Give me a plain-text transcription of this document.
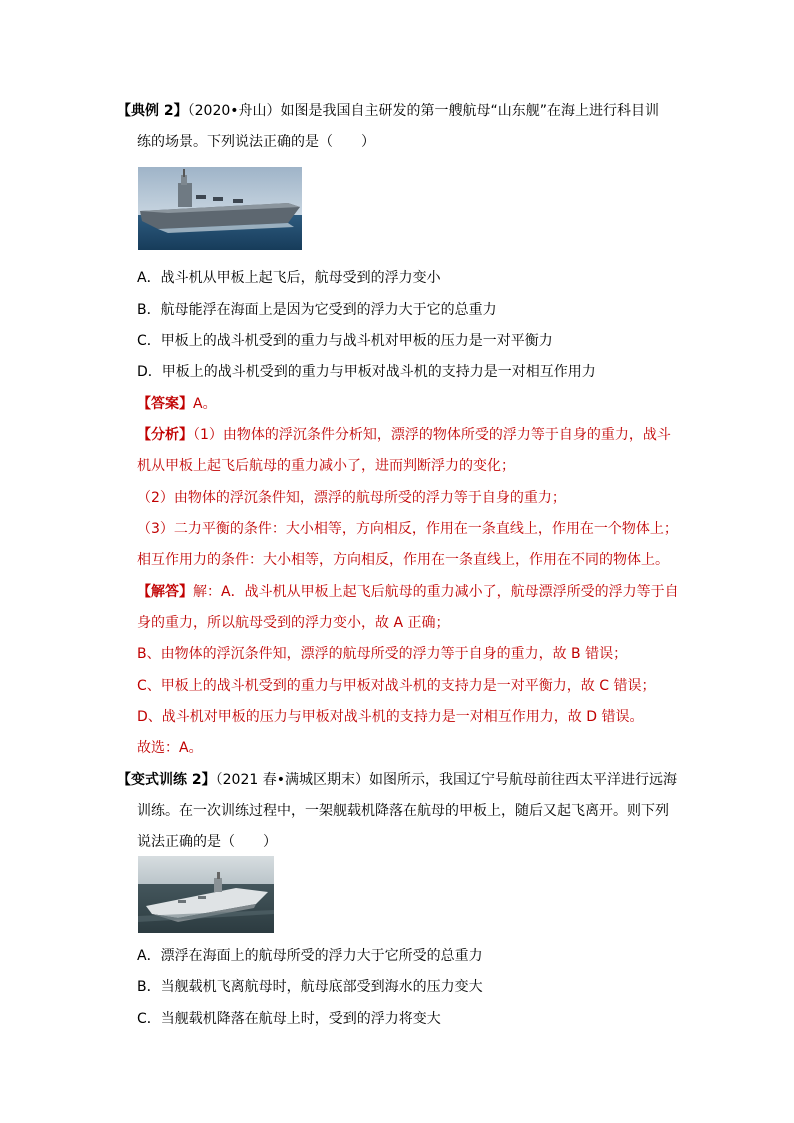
【典例 2】（2020•舟山）如图是我国自主研发的第一艘航母“山东舰”在海上进行科目训
练的场景。下列说法正确的是（　　）
A．战斗机从甲板上起飞后，航母受到的浮力变小
B．航母能浮在海面上是因为它受到的浮力大于它的总重力
C．甲板上的战斗机受到的重力与战斗机对甲板的压力是一对平衡力
D．甲板上的战斗机受到的重力与甲板对战斗机的支持力是一对相互作用力
【答案】A。
【分析】（1）由物体的浮沉条件分析知，漂浮的物体所受的浮力等于自身的重力，战斗
机从甲板上起飞后航母的重力减小了，进而判断浮力的变化；
（2）由物体的浮沉条件知，漂浮的航母所受的浮力等于自身的重力；
（3）二力平衡的条件：大小相等，方向相反，作用在一条直线上，作用在一个物体上；
相互作用力的条件：大小相等，方向相反，作用在一条直线上，作用在不同的物体上。
【解答】解：A．战斗机从甲板上起飞后航母的重力减小了，航母漂浮所受的浮力等于自
身的重力，所以航母受到的浮力变小，故 A 正确；
B、由物体的浮沉条件知，漂浮的航母所受的浮力等于自身的重力，故 B 错误；
C、甲板上的战斗机受到的重力与甲板对战斗机的支持力是一对平衡力，故 C 错误；
D、战斗机对甲板的压力与甲板对战斗机的支持力是一对相互作用力，故 D 错误。
故选：A。
【变式训练 2】（2021 春•满城区期末）如图所示，我国辽宁号航母前往西太平洋进行远海
训练。在一次训练过程中，一架舰载机降落在航母的甲板上，随后又起飞离开。则下列
说法正确的是（　　）
A．漂浮在海面上的航母所受的浮力大于它所受的总重力
B．当舰载机飞离航母时，航母底部受到海水的压力变大
C．当舰载机降落在航母上时，受到的浮力将变大
